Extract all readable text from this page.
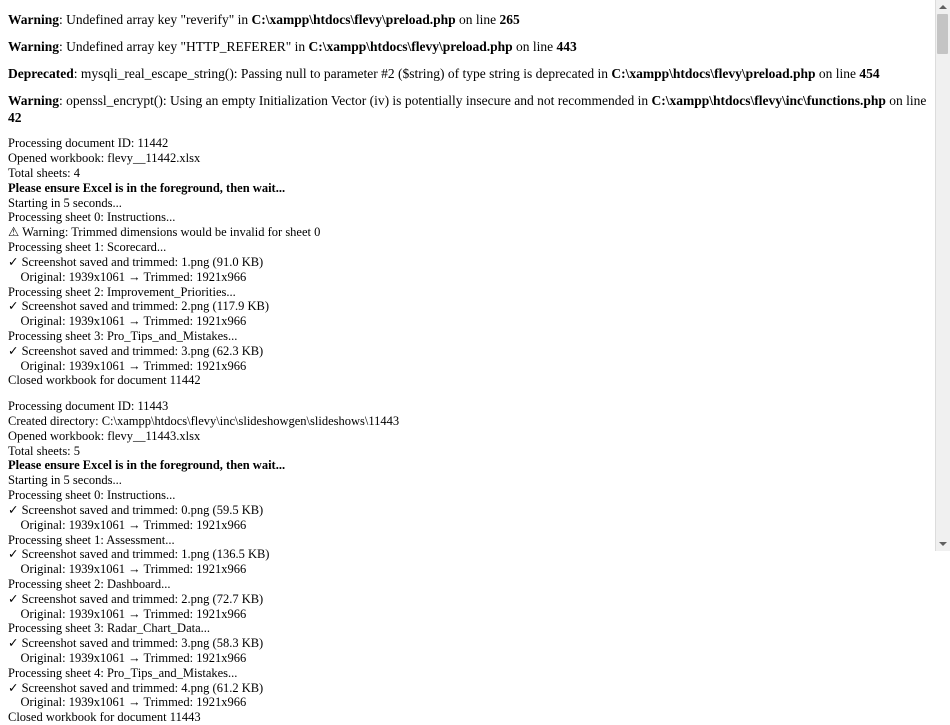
Warning: Undefined array key "reverify" in C:\xampp\htdocs\flevy\preload.php on line 265

Warning: Undefined array key "HTTP_REFERER" in C:\xampp\htdocs\flevy\preload.php on line 443

Deprecated: mysqli_real_escape_string(): Passing null to parameter #2 ($string) of type string is deprecated in C:\xampp\htdocs\flevy\preload.php on line 454

Warning: openssl_encrypt(): Using an empty Initialization Vector (iv) is potentially insecure and not recommended in C:\xampp\htdocs\flevy\inc\functions.php on line 42

Processing document ID: 11442
Opened workbook: flevy__11442.xlsx
Total sheets: 4
Please ensure Excel is in the foreground, then wait...
Starting in 5 seconds...
Processing sheet 0: Instructions...
⚠ Warning: Trimmed dimensions would be invalid for sheet 0
Processing sheet 1: Scorecard...
✓ Screenshot saved and trimmed: 1.png (91.0 KB)
Original: 1939x1061 → Trimmed: 1921x966
Processing sheet 2: Improvement_Priorities...
✓ Screenshot saved and trimmed: 2.png (117.9 KB)
Original: 1939x1061 → Trimmed: 1921x966
Processing sheet 3: Pro_Tips_and_Mistakes...
✓ Screenshot saved and trimmed: 3.png (62.3 KB)
Original: 1939x1061 → Trimmed: 1921x966
Closed workbook for document 11442
Processing document ID: 11443
Created directory: C:\xampp\htdocs\flevy\inc\slideshowgen\slideshows\11443
Opened workbook: flevy__11443.xlsx
Total sheets: 5
Please ensure Excel is in the foreground, then wait...
Starting in 5 seconds...
Processing sheet 0: Instructions...
✓ Screenshot saved and trimmed: 0.png (59.5 KB)
Original: 1939x1061 → Trimmed: 1921x966
Processing sheet 1: Assessment...
✓ Screenshot saved and trimmed: 1.png (136.5 KB)
Original: 1939x1061 → Trimmed: 1921x966
Processing sheet 2: Dashboard...
✓ Screenshot saved and trimmed: 2.png (72.7 KB)
Original: 1939x1061 → Trimmed: 1921x966
Processing sheet 3: Radar_Chart_Data...
✓ Screenshot saved and trimmed: 3.png (58.3 KB)
Original: 1939x1061 → Trimmed: 1921x966
Processing sheet 4: Pro_Tips_and_Mistakes...
✓ Screenshot saved and trimmed: 4.png (61.2 KB)
Original: 1939x1061 → Trimmed: 1921x966
Closed workbook for document 11443
